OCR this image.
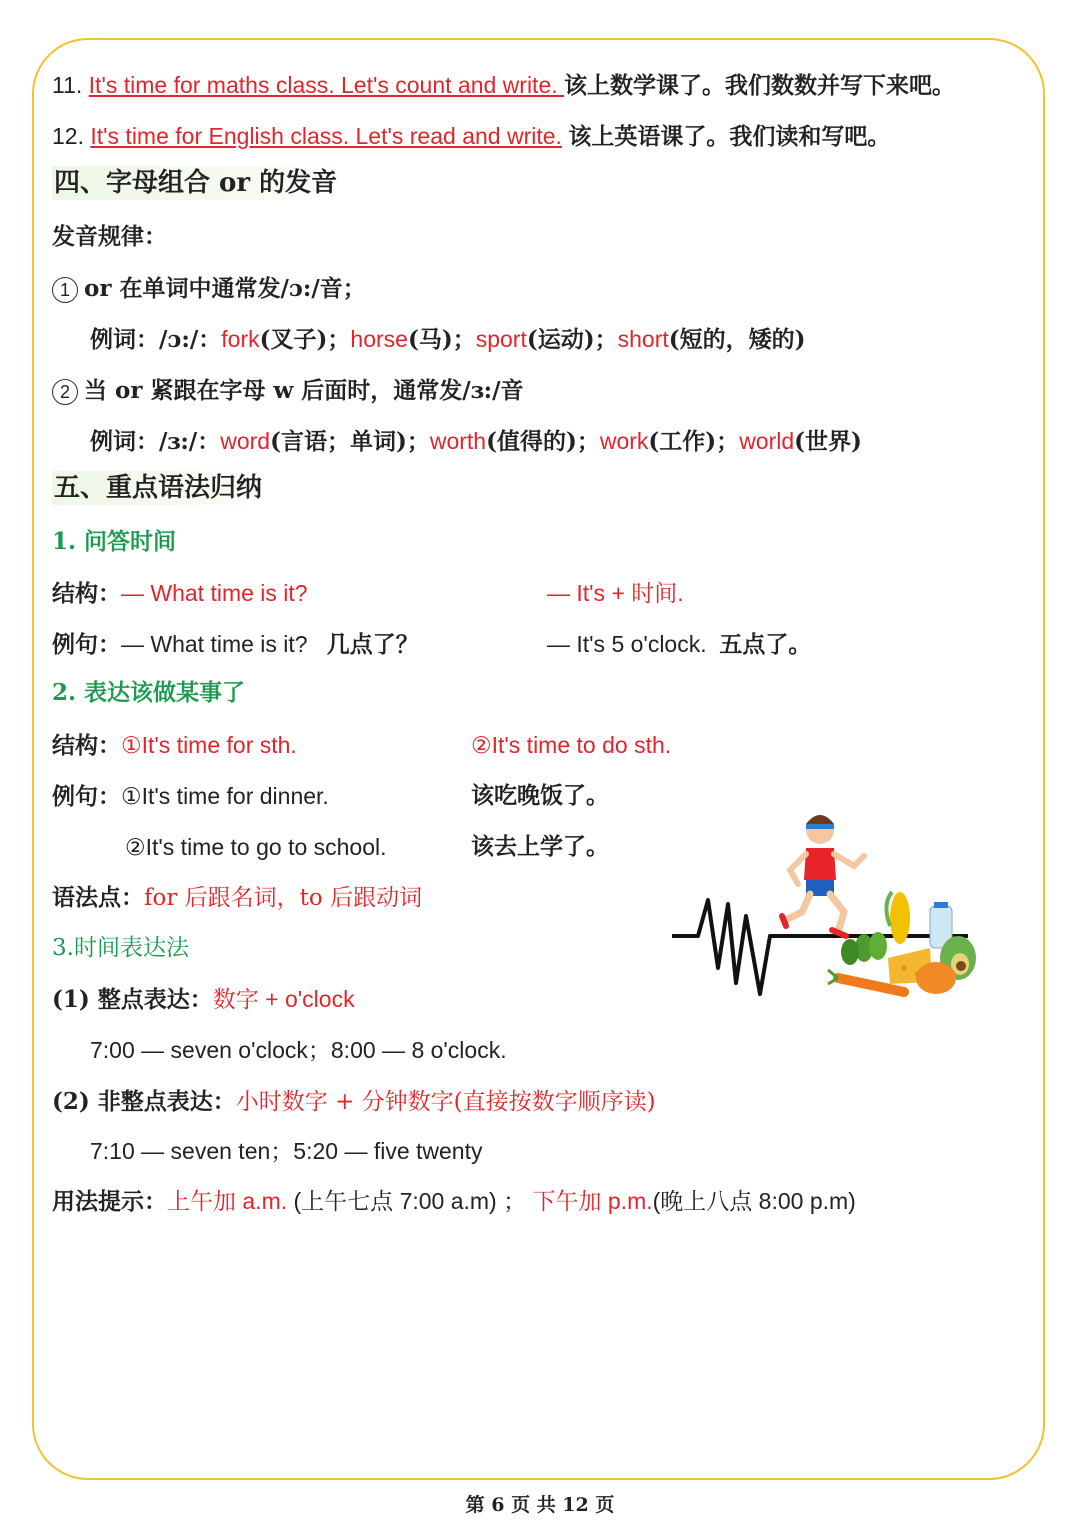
11. It's time for maths class. Let's count and write. 该上数学课了。我们数数并写下来吧。
12. It's time for English class. Let's read and write. 该上英语课了。我们读和写吧。
四、字母组合 or 的发音
发音规律：
1 or 在单词中通常发/ɔ:/音；
例词：/ɔ:/：fork(叉子)；horse(马)；sport(运动)；short(短的，矮的)
2 当 or 紧跟在字母 w 后面时，通常发/ɜ:/音
例词：/ɜ:/：word(言语；单词)；worth(值得的)；work(工作)；world(世界)
五、重点语法归纳
1. 问答时间
结构：— What time is it?	— It's + 时间.
例句：— What time is it? 几点了？	— It's 5 o'clock. 五点了。
2. 表达该做某事了
结构：①It's time for sth.	②It's time to do sth.
例句：①It's time for dinner.	该吃晚饭了。
②It's time to go to school.	该去上学了。
语法点：for 后跟名词，to 后跟动词
3.时间表达法
(1) 整点表达：数字 + o'clock
7:00 — seven o'clock；8:00 — 8 o'clock.
(2) 非整点表达：小时数字 + 分钟数字(直接按数字顺序读)
7:10 — seven ten；5:20 — five twenty
用法提示：上午加 a.m. (上午七点 7:00 a.m) ； 下午加 p.m.(晚上八点 8:00 p.m)
第 6 页 共 12 页
